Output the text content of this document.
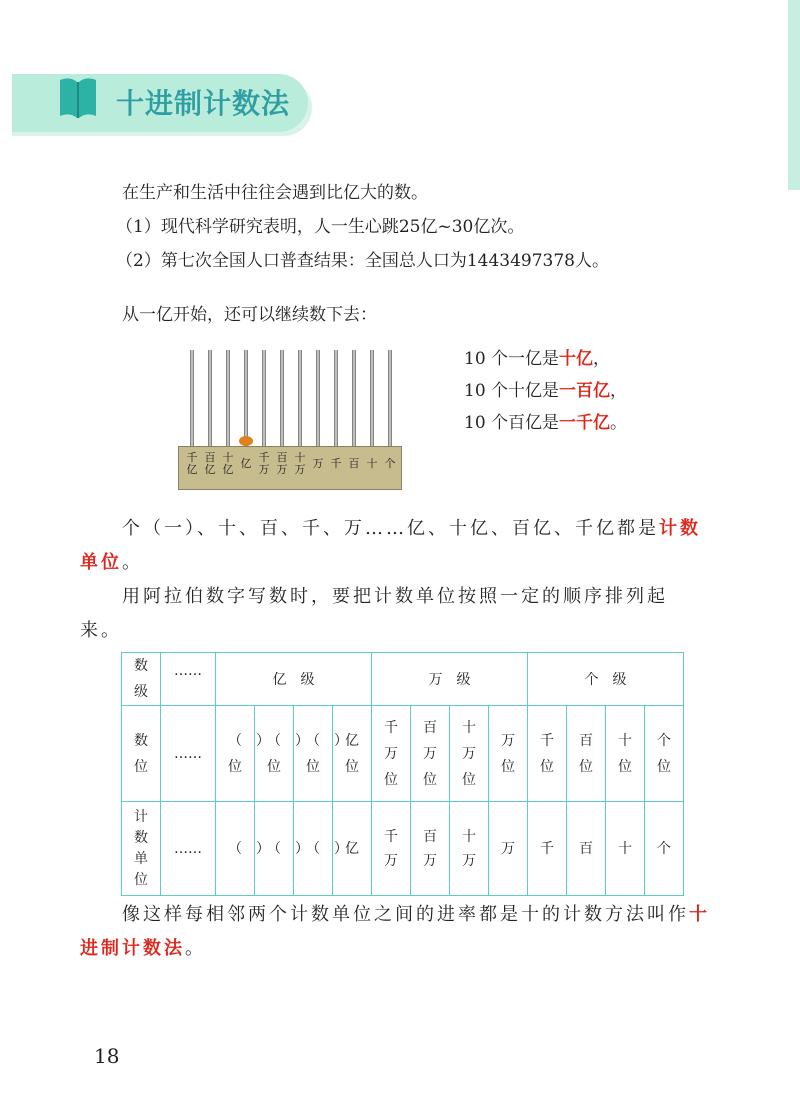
十进制计数法
在生产和生活中往往会遇到比亿大的数。
（1）现代科学研究表明，人一生心跳25亿~30亿次。
（2）第七次全国人口普查结果：全国总人口为1443497378人。
从一亿开始，还可以继续数下去：
千亿
百亿
十亿 亿 千万
百万
十万 万 千 百 十 个
10 个一亿是十亿，
10 个十亿是一百亿，
10 个百亿是一千亿。
个（一）、十、百、千、万……亿、十亿、百亿、千亿都是计数单位。
用阿拉伯数字写数时，要把计数单位按照一定的顺序排列起来。
数级	……	亿　级				万　级				个　级			

数位	……	（　）位	（　）位	（　）位	亿位	千万位	百万位	十万位	万位	千位	百位	十位	个位

计数单位	……	（　）	（　）	（　）	亿	千万	百万	十万	万	千	百	十	个
像这样每相邻两个计数单位之间的进率都是十的计数方法叫作十进制计数法。
18
